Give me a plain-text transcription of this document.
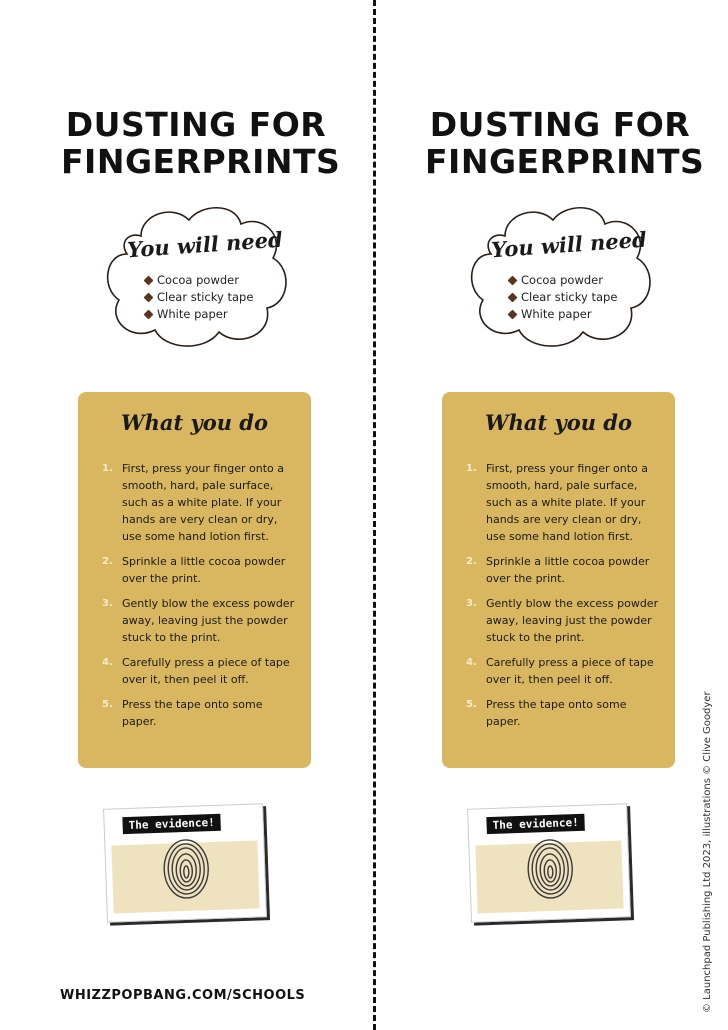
DUSTING FOR
FINGERPRINTS
You will need
Cocoa powder
Clear sticky tape
White paper
What you do
1. First, press your finger onto a smooth, hard, pale surface, such as a white plate. If your hands are very clean or dry, use some hand lotion first.
2. Sprinkle a little cocoa powder over the print.
3. Gently blow the excess powder away, leaving just the powder stuck to the print.
4. Carefully press a piece of tape over it, then peel it off.
5. Press the tape onto some paper.
The evidence!
DUSTING FOR
FINGERPRINTS
You will need
Cocoa powder
Clear sticky tape
White paper
What you do
1. First, press your finger onto a smooth, hard, pale surface, such as a white plate. If your hands are very clean or dry, use some hand lotion first.
2. Sprinkle a little cocoa powder over the print.
3. Gently blow the excess powder away, leaving just the powder stuck to the print.
4. Carefully press a piece of tape over it, then peel it off.
5. Press the tape onto some paper.
The evidence!
WHIZZPOPBANG.COM/SCHOOLS	© Launchpad Publishing Ltd 2023, illustrations © Clive Goodyer
